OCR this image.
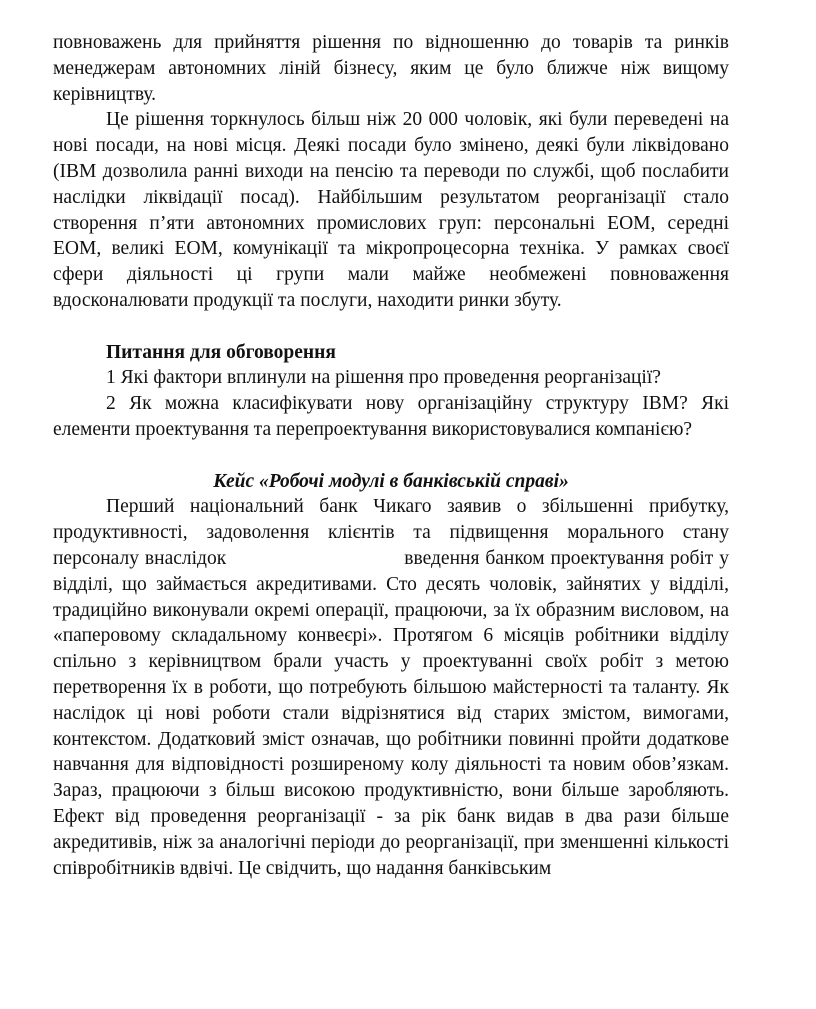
повноважень для прийняття рішення по відношенню до товарів та ринків менеджерам автономних ліній бізнесу, яким це було ближче ніж вищому керівництву.

Це рішення торкнулось більш ніж 20 000 чоловік, які були переведені на нові посади, на нові місця. Деякі посади було змінено, деякі були ліквідовано (IBM дозволила ранні виходи на пенсію та переводи по службі, щоб послабити наслідки ліквідації посад). Найбільшим результатом реорганізації стало створення п’яти автономних промислових груп: персональні ЕОМ, середні ЕОМ, великі ЕОМ, комунікації та мікропроцесорна техніка. У рамках своєї сфери діяльності ці групи мали майже необмежені повноваження вдосконалювати продукції та послуги, находити ринки збуту.

Питання для обговорення

1 Які фактори вплинули на рішення про проведення реорганізації?

2 Як можна класифікувати нову організаційну структуру IBM? Які елементи проектування та перепроектування використовувалися компанією?

Кейс «Робочі модулі в банківській справі»

Перший національний банк Чикаго заявив о збільшенні прибутку, продуктивності, задоволення клієнтів та підвищення морального стану персоналу внаслідок                              введення банком проектування робіт у відділі, що займається акредитивами. Сто десять чоловік, зайнятих у відділі, традиційно виконували окремі операції, працюючи, за їх образним висловом, на «паперовому складальному конвеєрі». Протягом 6 місяців робітники відділу спільно з керівництвом брали участь у проектуванні своїх робіт з метою перетворення їх в роботи, що потребують більшою майстерності та таланту. Як наслідок ці нові роботи стали відрізнятися від старих змістом, вимогами, контекстом. Додатковий зміст означав, що робітники повинні пройти додаткове навчання для відповідності розширеному колу діяльності та новим обов’язкам. Зараз, працюючи з більш високою продуктивністю, вони більше заробляють. Ефект від проведення реорганізації - за рік банк видав в два рази більше акредитивів, ніж за аналогічні періоди до реорганізації, при зменшенні кількості співробітників вдвічі. Це свідчить, що надання банківським
